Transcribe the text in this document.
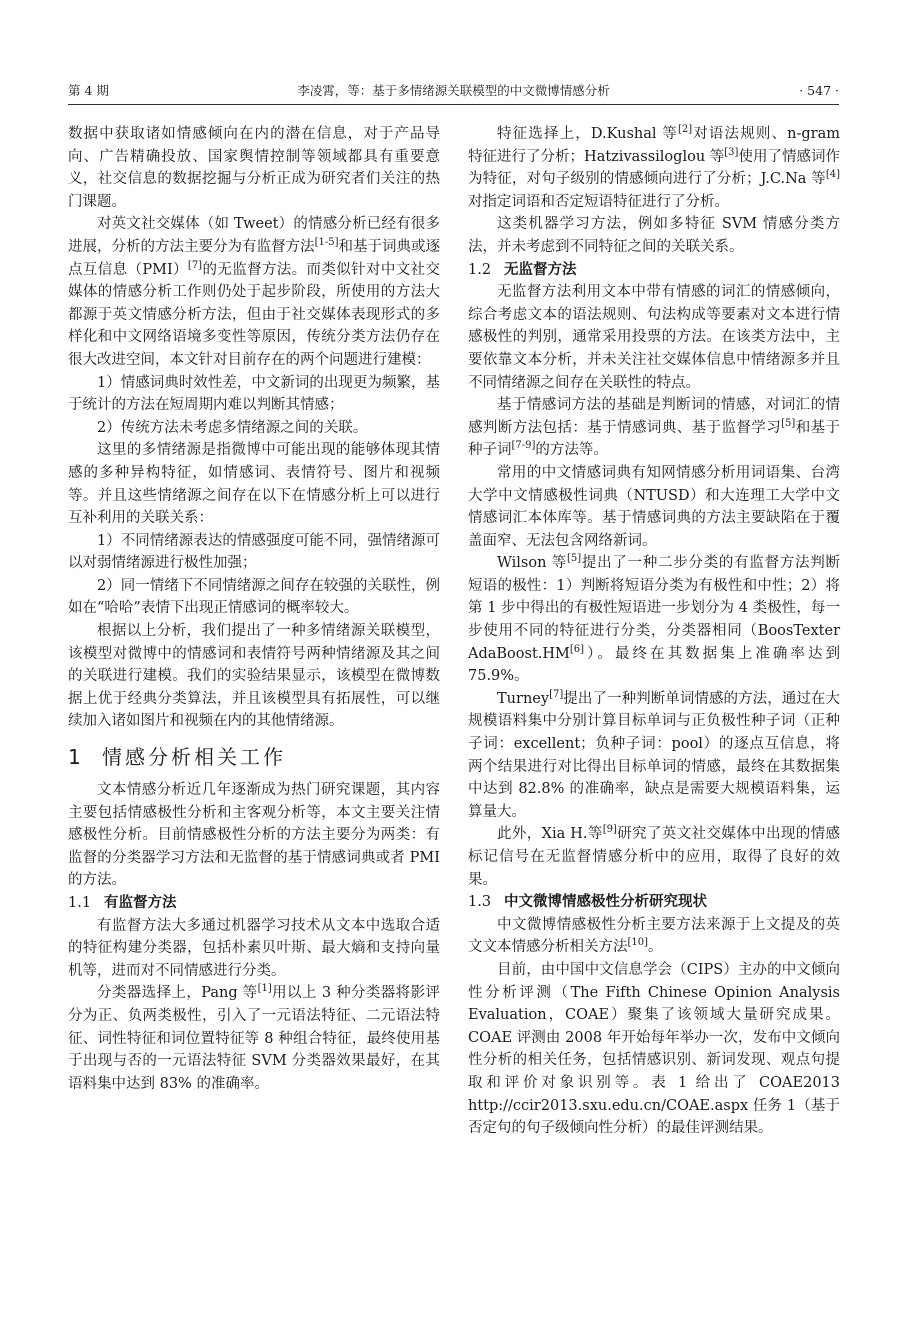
第 4 期	李凌霄，等：基于多情绪源关联模型的中文微博情感分析	· 547 ·

数据中获取诸如情感倾向在内的潜在信息，对于产品导向、广告精确投放、国家舆情控制等领域都具有重要意义，社交信息的数据挖掘与分析正成为研究者们关注的热门课题。

对英文社交媒体（如 Tweet）的情感分析已经有很多进展，分析的方法主要分为有监督方法[1-5]和基于词典或逐点互信息（PMI）[7]的无监督方法。而类似针对中文社交媒体的情感分析工作则仍处于起步阶段，所使用的方法大都源于英文情感分析方法，但由于社交媒体表现形式的多样化和中文网络语境多变性等原因，传统分类方法仍存在很大改进空间，本文针对目前存在的两个问题进行建模：

1）情感词典时效性差，中文新词的出现更为频繁，基于统计的方法在短周期内难以判断其情感；

2）传统方法未考虑多情绪源之间的关联。

这里的多情绪源是指微博中可能出现的能够体现其情感的多种异构特征，如情感词、表情符号、图片和视频等。并且这些情绪源之间存在以下在情感分析上可以进行互补利用的关联关系：

1）不同情绪源表达的情感强度可能不同，强情绪源可以对弱情绪源进行极性加强；

2）同一情绪下不同情绪源之间存在较强的关联性，例如在“哈哈”表情下出现正情感词的概率较大。

根据以上分析，我们提出了一种多情绪源关联模型，该模型对微博中的情感词和表情符号两种情绪源及其之间的关联进行建模。我们的实验结果显示，该模型在微博数据上优于经典分类算法，并且该模型具有拓展性，可以继续加入诸如图片和视频在内的其他情绪源。

1 情感分析相关工作

文本情感分析近几年逐渐成为热门研究课题，其内容主要包括情感极性分析和主客观分析等，本文主要关注情感极性分析。目前情感极性分析的方法主要分为两类：有监督的分类器学习方法和无监督的基于情感词典或者 PMI 的方法。

1.1 有监督方法

有监督方法大多通过机器学习技术从文本中选取合适的特征构建分类器，包括朴素贝叶斯、最大熵和支持向量机等，进而对不同情感进行分类。

分类器选择上，Pang 等[1]用以上 3 种分类器将影评分为正、负两类极性，引入了一元语法特征、二元语法特征、词性特征和词位置特征等 8 种组合特征，最终使用基于出现与否的一元语法特征 SVM 分类器效果最好，在其语料集中达到 83% 的准确率。

特征选择上，D.Kushal 等[2]对语法规则、n-gram 特征进行了分析；Hatzivassiloglou 等[3]使用了情感词作为特征，对句子级别的情感倾向进行了分析；J.C.Na 等[4]对指定词语和否定短语特征进行了分析。

这类机器学习方法，例如多特征 SVM 情感分类方法，并未考虑到不同特征之间的关联关系。

1.2 无监督方法

无监督方法利用文本中带有情感的词汇的情感倾向，综合考虑文本的语法规则、句法构成等要素对文本进行情感极性的判别，通常采用投票的方法。在该类方法中，主要依靠文本分析，并未关注社交媒体信息中情绪源多并且不同情绪源之间存在关联性的特点。

基于情感词方法的基础是判断词的情感，对词汇的情感判断方法包括：基于情感词典、基于监督学习[5]和基于种子词[7-9]的方法等。

常用的中文情感词典有知网情感分析用词语集、台湾大学中文情感极性词典（NTUSD）和大连理工大学中文情感词汇本体库等。基于情感词典的方法主要缺陷在于覆盖面窄、无法包含网络新词。

Wilson 等[5]提出了一种二步分类的有监督方法判断短语的极性：1）判断将短语分类为有极性和中性；2）将第 1 步中得出的有极性短语进一步划分为 4 类极性，每一步使用不同的特征进行分类，分类器相同（BoosTexter AdaBoost.HM[6]）。最终在其数据集上准确率达到 75.9%。

Turney[7]提出了一种判断单词情感的方法，通过在大规模语料集中分别计算目标单词与正负极性种子词（正种子词：excellent；负种子词：pool）的逐点互信息，将两个结果进行对比得出目标单词的情感，最终在其数据集中达到 82.8% 的准确率，缺点是需要大规模语料集，运算量大。

此外，Xia H.等[9]研究了英文社交媒体中出现的情感标记信号在无监督情感分析中的应用，取得了良好的效果。

1.3 中文微博情感极性分析研究现状

中文微博情感极性分析主要方法来源于上文提及的英文文本情感分析相关方法[10]。

目前，由中国中文信息学会（CIPS）主办的中文倾向性分析评测（The Fifth Chinese Opinion Analysis Evaluation，COAE）聚集了该领域大量研究成果。COAE 评测由 2008 年开始每年举办一次，发布中文倾向性分析的相关任务，包括情感识别、新词发现、观点句提取和评价对象识别等。表 1 给出了 COAE2013 http://ccir2013.sxu.edu.cn/COAE.aspx 任务 1（基于否定句的句子级倾向性分析）的最佳评测结果。
